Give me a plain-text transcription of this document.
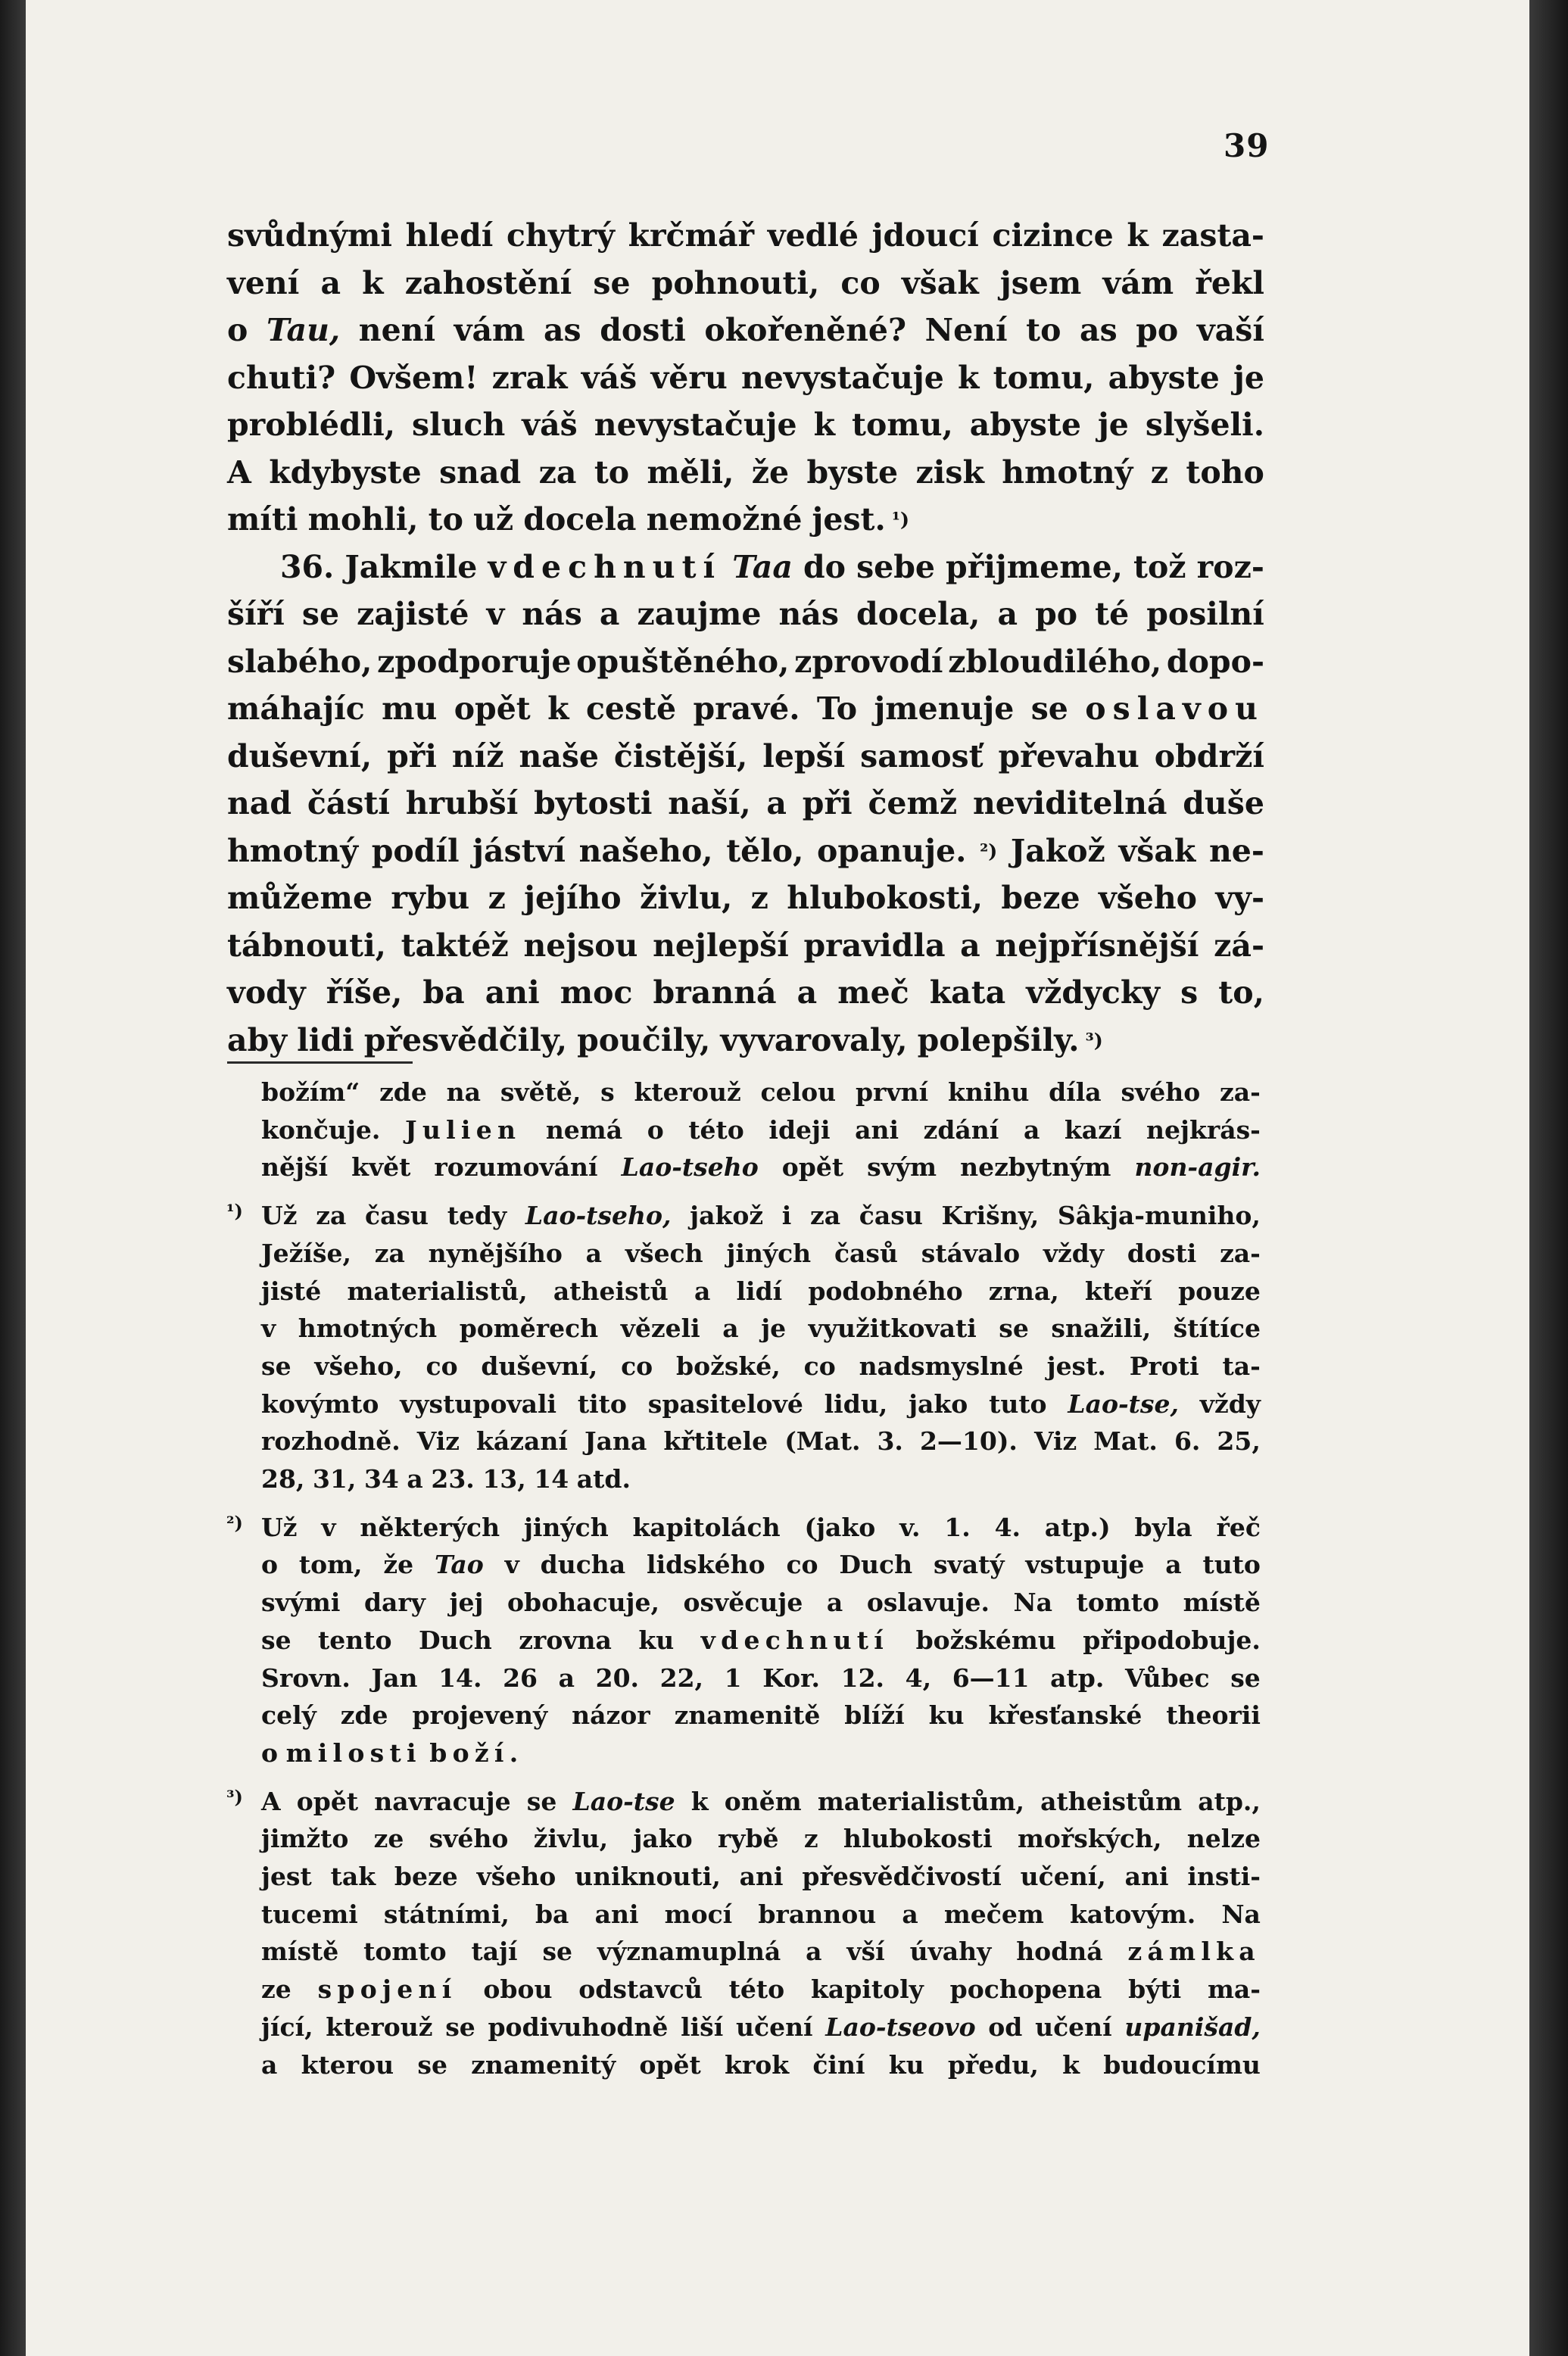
39
svůdnými hledí chytrý krčmář vedlé jdoucí cizince k zasta-
vení a k zahostění se pohnouti, co však jsem vám řekl
o Tau, není vám as dosti okořeněné? Není to as po vaší
chuti? Ovšem! zrak váš věru nevystačuje k tomu, abyste je
problédli, sluch váš nevystačuje k tomu, abyste je slyšeli.
A kdybyste snad za to měli, že byste zisk hmotný z toho
míti mohli, to už docela nemožné jest. ¹)
36. Jakmile vdechnutí Taa do sebe přijmeme, tož roz-
šíří se zajisté v nás a zaujme nás docela, a po té posilní
slabého, zpodporuje opuštěného, zprovodí zbloudilého, dopo-
máhajíc mu opět k cestě pravé. To jmenuje se oslavou
duševní, při níž naše čistější, lepší samosť převahu obdrží
nad částí hrubší bytosti naší, a při čemž neviditelná duše
hmotný podíl jáství našeho, tělo, opanuje. ²) Jakož však ne-
můžeme rybu z jejího živlu, z hlubokosti, beze všeho vy-
tábnouti, taktéž nejsou nejlepší pravidla a nejpřísnější zá-
vody říše, ba ani moc branná a meč kata vždycky s to,
aby lidi přesvědčily, poučily, vyvarovaly, polepšily. ³)
božím“ zde na světě, s kterouž celou první knihu díla svého za-
končuje. Julien nemá o této ideji ani zdání a kazí nejkrás-
nější květ rozumování Lao-tseho opět svým nezbytným non-agir.
¹) Už za času tedy Lao-tseho, jakož i za času Krišny, Sâkja-muniho,
Ježíše, za nynějšího a všech jiných časů stávalo vždy dosti za-
jisté materialistů, atheistů a lidí podobného zrna, kteří pouze
v hmotných poměrech vězeli a je využitkovati se snažili, štítíce
se všeho, co duševní, co božské, co nadsmyslné jest. Proti ta-
kovýmto vystupovali tito spasitelové lidu, jako tuto Lao-tse, vždy
rozhodně. Viz kázaní Jana křtitele (Mat. 3. 2—10). Viz Mat. 6. 25,
28, 31, 34 a 23. 13, 14 atd.
²) Už v některých jiných kapitolách (jako v. 1. 4. atp.) byla řeč
o tom, že Tao v ducha lidského co Duch svatý vstupuje a tuto
svými dary jej obohacuje, osvěcuje a oslavuje. Na tomto místě
se tento Duch zrovna ku vdechnutí božskému připodobuje.
Srovn. Jan 14. 26 a 20. 22, 1 Kor. 12. 4, 6—11 atp. Vůbec se
celý zde projevený názor znamenitě blíží ku křesťanské theorii
o milosti boží.
³) A opět navracuje se Lao-tse k oněm materialistům, atheistům atp.,
jimžto ze svého živlu, jako rybě z hlubokosti mořských, nelze
jest tak beze všeho uniknouti, ani přesvědčivostí učení, ani insti-
tucemi státními, ba ani mocí brannou a mečem katovým. Na
místě tomto tají se významuplná a vší úvahy hodná zámlka
ze spojení obou odstavců této kapitoly pochopena býti ma-
jící, kterouž se podivuhodně liší učení Lao-tseovo od učení upanišad,
a kterou se znamenitý opět krok činí ku předu, k budoucímu
